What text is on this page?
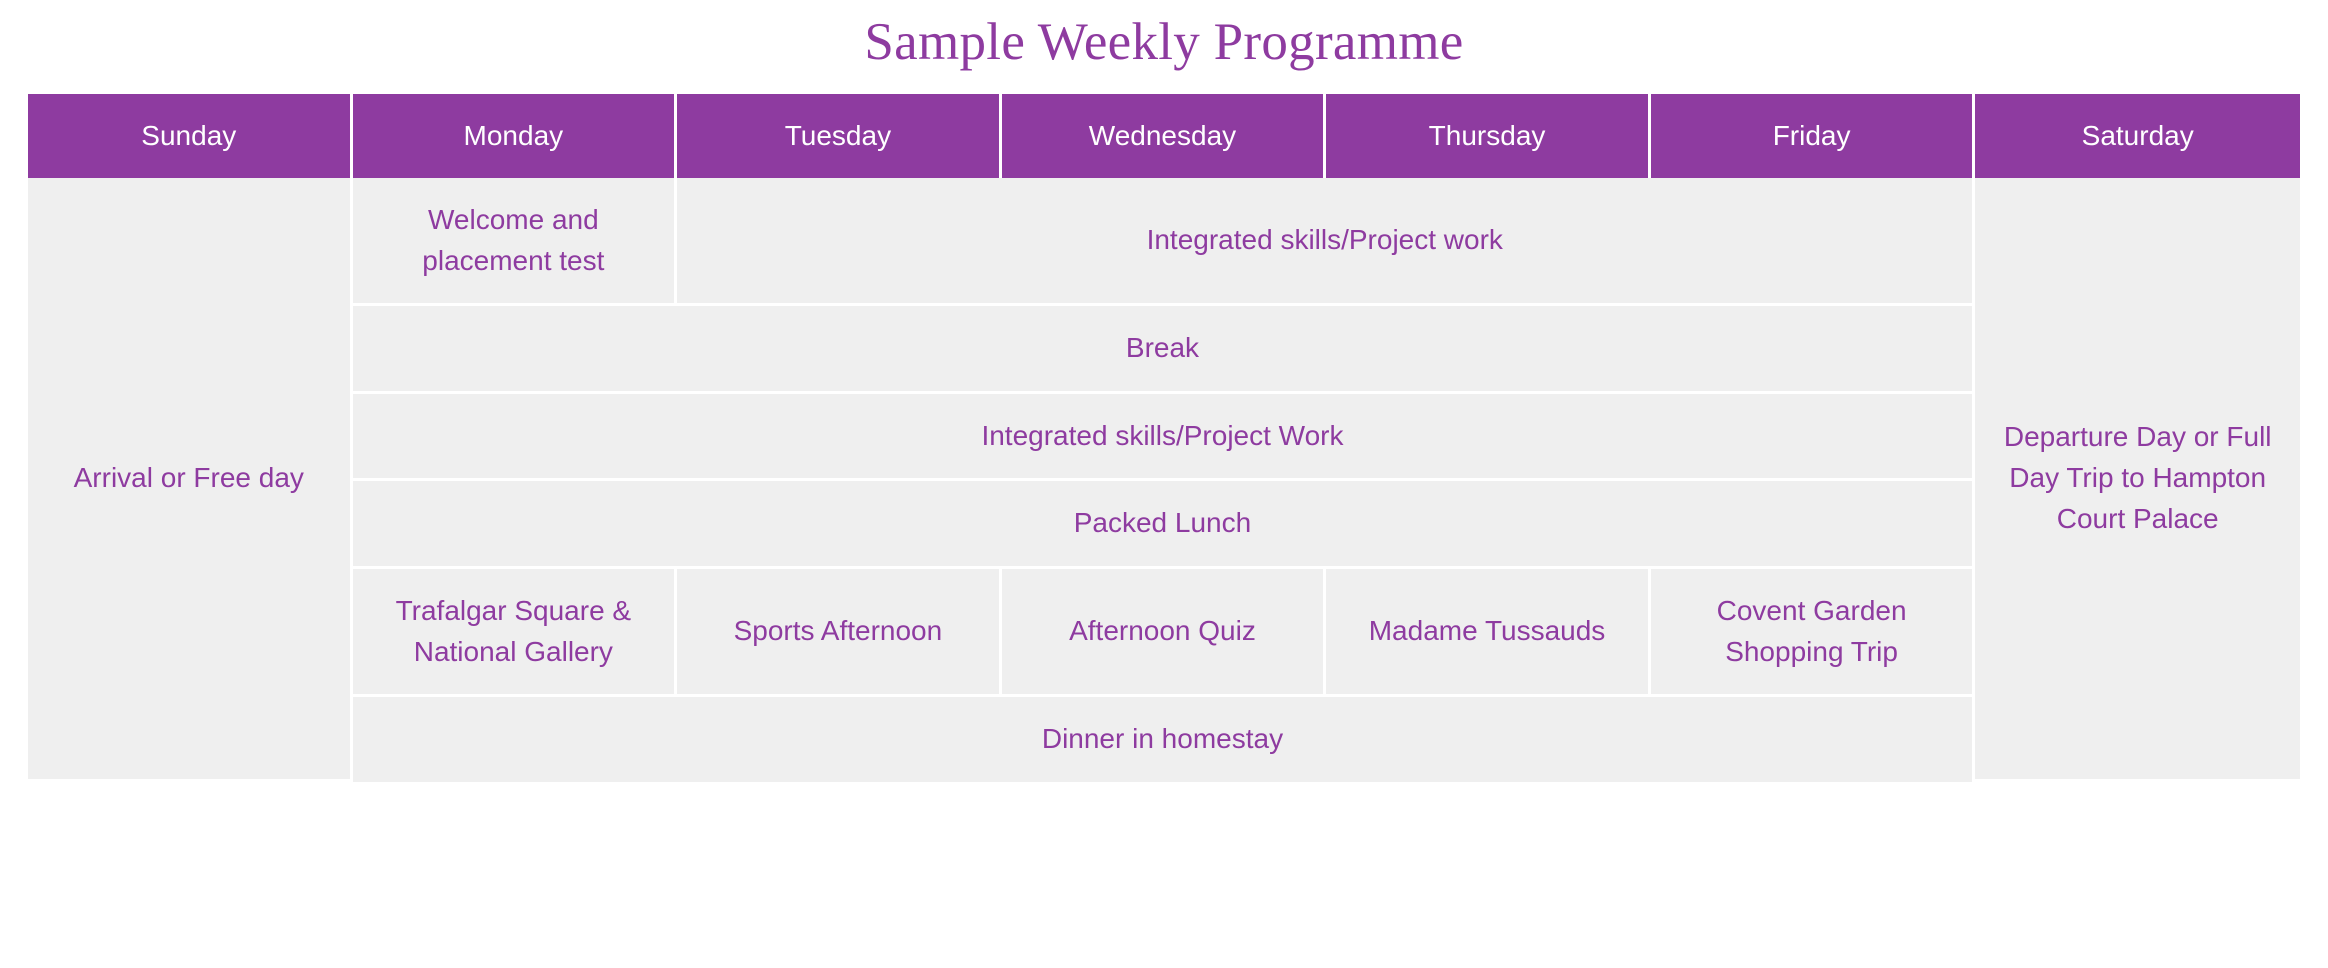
Sample Weekly Programme
Sunday	Monday	Tuesday	Wednesday	Thursday	Friday	Saturday
Arrival or Free day	Welcome and placement test	Integrated skills/Project work				Departure Day or Full Day Trip to Hampton Court Palace
	Break					
	Integrated skills/Project Work					
	Packed Lunch					
	Trafalgar Square & National Gallery	Sports Afternoon	Afternoon Quiz	Madame Tussauds	Covent Garden Shopping Trip	
	Dinner in homestay					
